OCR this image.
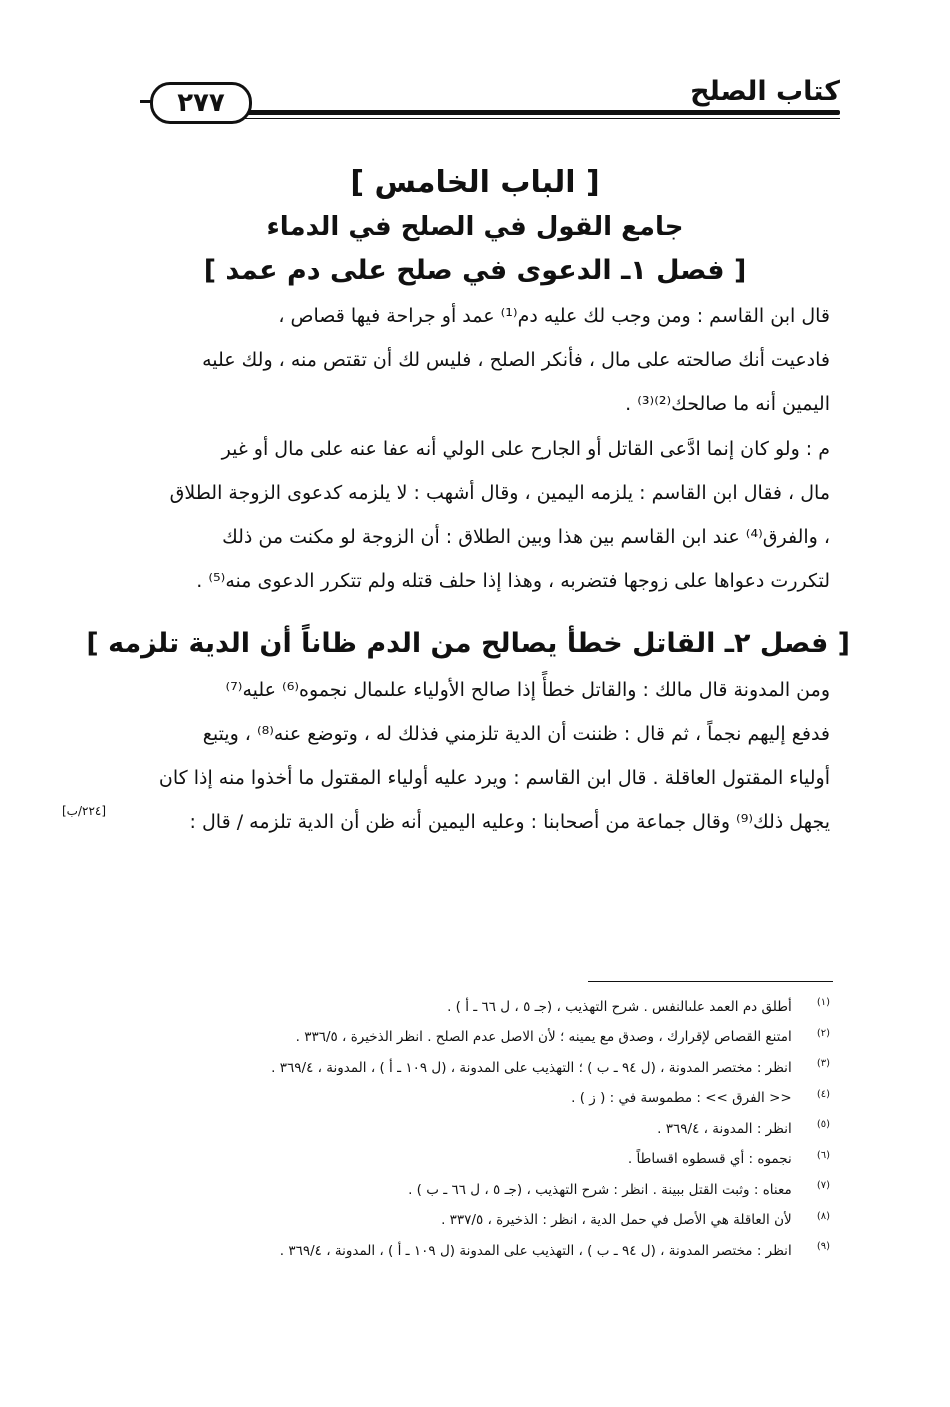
٢٧٧	كتاب الصلح
[ الباب الخامس ]
جامع القول في الصلح في الدماء
[ فصل ١ـ الدعوى في صلح على دم عمد ]
قال ابن القاسم : ومن وجب لك عليه دم⁽¹⁾ عمد أو جراحة فيها قصاص ،
فادعيت أنك صالحته على مال ، فأنكر الصلح ، فليس لك أن تقتص منه ، ولك عليه
اليمين أنه ما صالحك⁽²⁾⁽³⁾ .
م : ولو كان إنما ادَّعى القاتل أو الجارح على الولي أنه عفا عنه على مال أو غير
مال ، فقال ابن القاسم : يلزمه اليمين ، وقال أشهب : لا يلزمه كدعوى الزوجة الطلاق
، والفرق⁽⁴⁾ عند ابن القاسم بين هذا وبين الطلاق : أن الزوجة لو مكنت من ذلك
لتكررت دعواها على زوجها فتضربه ، وهذا إذا حلف قتله ولم تتكرر الدعوى منه⁽⁵⁾ .
[ فصل ٢ـ القاتل خطأ يصالح من الدم ظاناً أن الدية تلزمه ]
ومن المدونة قال مالك : والقاتل خطأً إذا صالح الأولياء علىمال نجموه⁽⁶⁾ عليه⁽⁷⁾
فدفع إليهم نجماً ، ثم قال : ظننت أن الدية تلزمني فذلك له ، وتوضع عنه⁽⁸⁾ ، ويتبع
أولياء المقتول العاقلة . قال ابن القاسم : ويرد عليه أولياء المقتول ما أخذوا منه إذا كان
يجهل ذلك⁽⁹⁾ وقال جماعة من أصحابنا : وعليه اليمين أنه ظن أن الدية تلزمه / قال :
[٢٢٤/ب]
(١) أطلق دم العمد علىالنفس . شرح التهذيب ، (جـ ٥ ، ل ٦٦ ـ أ ) .
(٢) امتنع القصاص لإقرارك ، وصدق مع يمينه ؛ لأن الاصل عدم الصلح . انظر الذخيرة ، ٣٣٦/٥ .
(٣) انظر : مختصر المدونة ، (ل ٩٤ ـ ب ) ؛ التهذيب على المدونة ، (ل ١٠٩ ـ أ ) ، المدونة ، ٣٦٩/٤ .
(٤) << الفرق >> : مطموسة في : ( ز ) .
(٥) انظر : المدونة ، ٣٦٩/٤ .
(٦) نجموه : أي قسطوه اقساطاً .
(٧) معناه : وثبت القتل ببينة . انظر : شرح التهذيب ، (جـ ٥ ، ل ٦٦ ـ ب ) .
(٨) لأن العاقلة هي الأصل في حمل الدية ، انظر : الذخيرة ، ٣٣٧/٥ .
(٩) انظر : مختصر المدونة ، (ل ٩٤ ـ ب ) ، التهذيب على المدونة (ل ١٠٩ ـ أ ) ، المدونة ، ٣٦٩/٤ .
